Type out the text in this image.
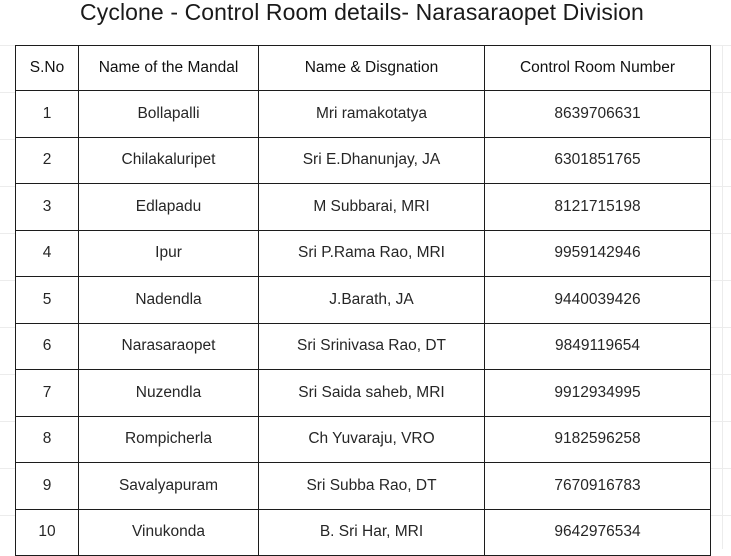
Cyclone - Control Room details- Narasaraopet Division
S.No	Name of the Mandal	Name & Disgnation	Control Room Number
1	Bollapalli	Mri ramakotatya	8639706631
2	Chilakaluripet	Sri E.Dhanunjay, JA	6301851765
3	Edlapadu	M Subbarai, MRI	8121715198
4	Ipur	Sri P.Rama Rao, MRI	9959142946
5	Nadendla	J.Barath, JA	9440039426
6	Narasaraopet	Sri Srinivasa Rao, DT	9849119654
7	Nuzendla	Sri Saida saheb, MRI	9912934995
8	Rompicherla	Ch Yuvaraju, VRO	9182596258
9	Savalyapuram	Sri Subba Rao, DT	7670916783
10	Vinukonda	B. Sri Har, MRI	9642976534
